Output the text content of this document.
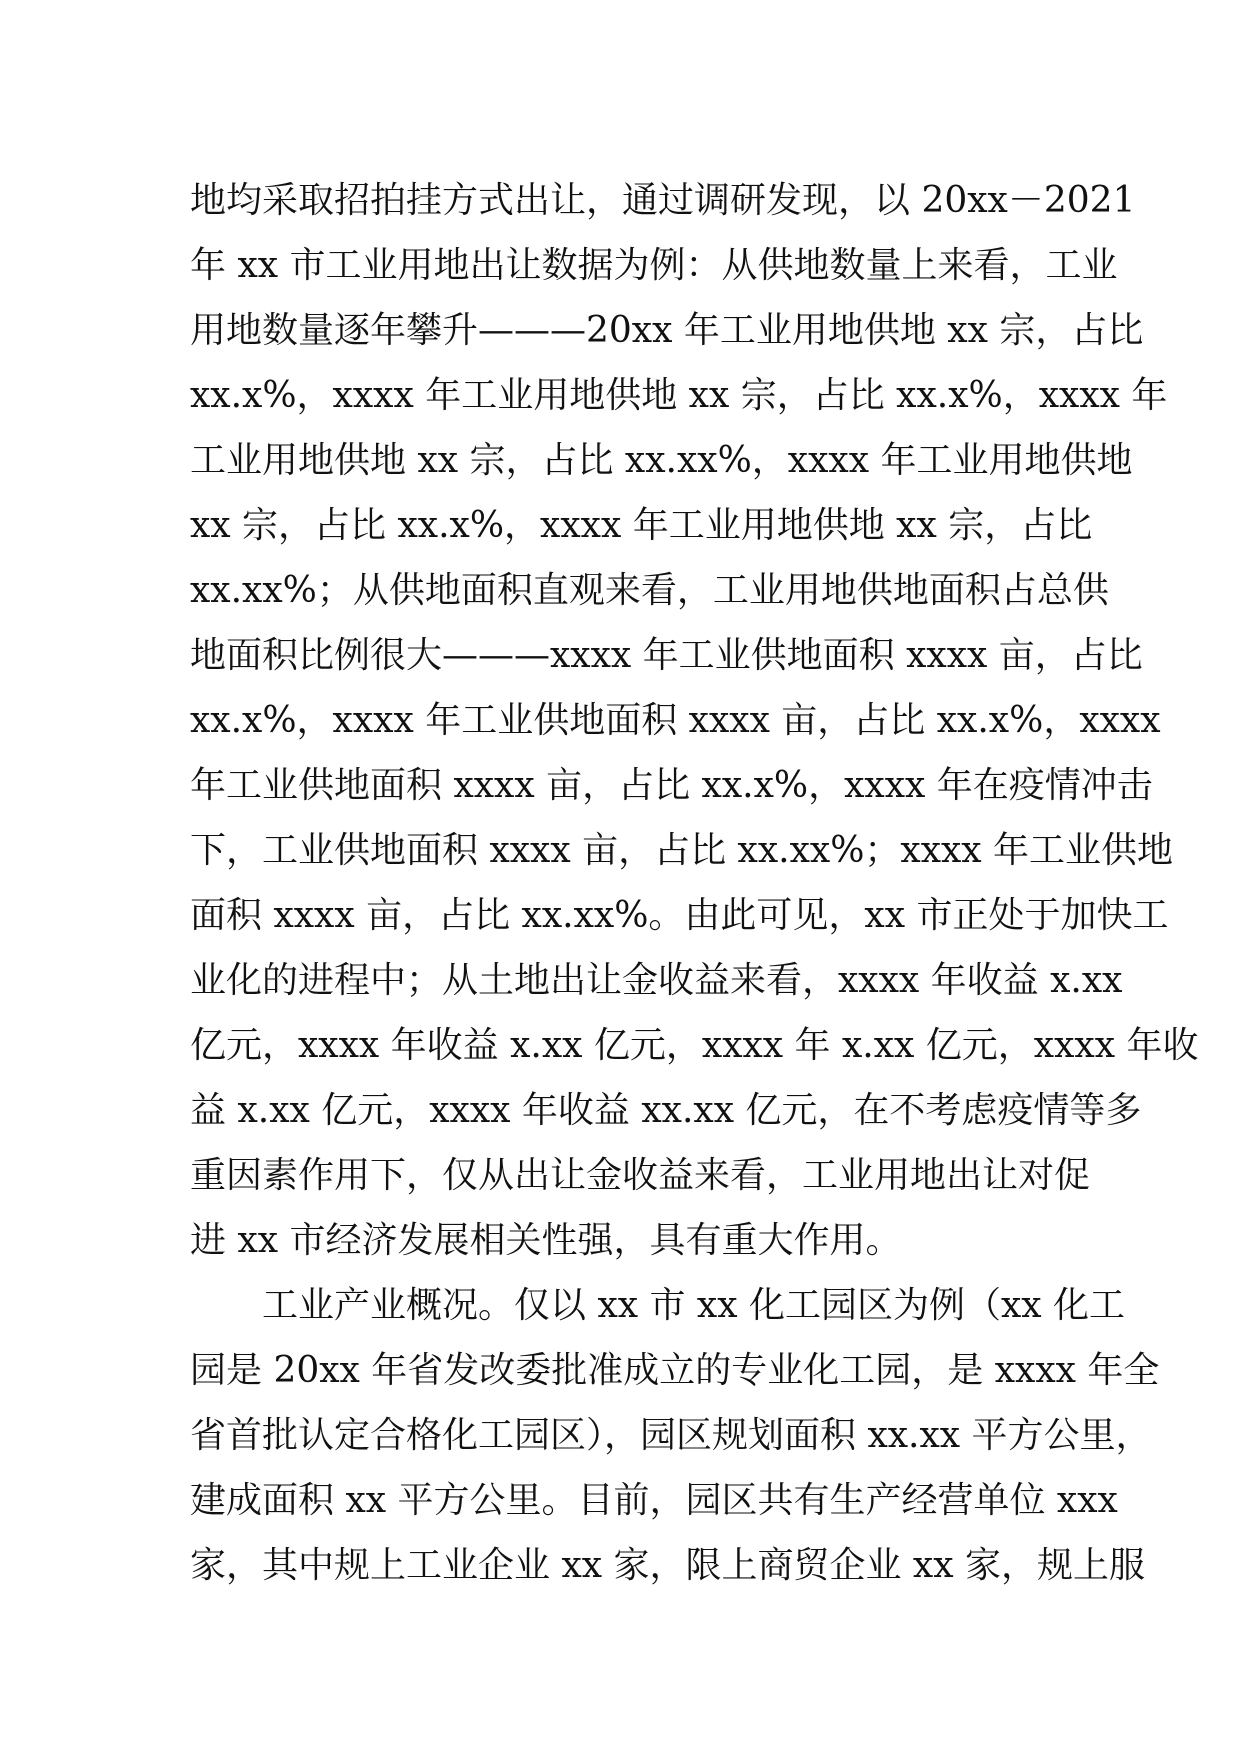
地均采取招拍挂方式出让，通过调研发现，以 20xx－2021
年 xx 市工业用地出让数据为例：从供地数量上来看，工业
用地数量逐年攀升———20xx 年工业用地供地 xx 宗，占比
xx.x%，xxxx 年工业用地供地 xx 宗，占比 xx.x%，xxxx 年
工业用地供地 xx 宗，占比 xx.xx%，xxxx 年工业用地供地
xx 宗，占比 xx.x%，xxxx 年工业用地供地 xx 宗，占比
xx.xx%；从供地面积直观来看，工业用地供地面积占总供
地面积比例很大———xxxx 年工业供地面积 xxxx 亩，占比
xx.x%，xxxx 年工业供地面积 xxxx 亩，占比 xx.x%，xxxx
年工业供地面积 xxxx 亩，占比 xx.x%，xxxx 年在疫情冲击
下，工业供地面积 xxxx 亩，占比 xx.xx%；xxxx 年工业供地
面积 xxxx 亩，占比 xx.xx%。由此可见，xx 市正处于加快工
业化的进程中；从土地出让金收益来看，xxxx 年收益 x.xx
亿元，xxxx 年收益 x.xx 亿元，xxxx 年 x.xx 亿元，xxxx 年收
益 x.xx 亿元，xxxx 年收益 xx.xx 亿元，在不考虑疫情等多
重因素作用下，仅从出让金收益来看，工业用地出让对促
进 xx 市经济发展相关性强，具有重大作用。
工业产业概况。仅以 xx 市 xx 化工园区为例（xx 化工
园是 20xx 年省发改委批准成立的专业化工园，是 xxxx 年全
省首批认定合格化工园区），园区规划面积 xx.xx 平方公里，
建成面积 xx 平方公里。目前，园区共有生产经营单位 xxx
家，其中规上工业企业 xx 家，限上商贸企业 xx 家，规上服
